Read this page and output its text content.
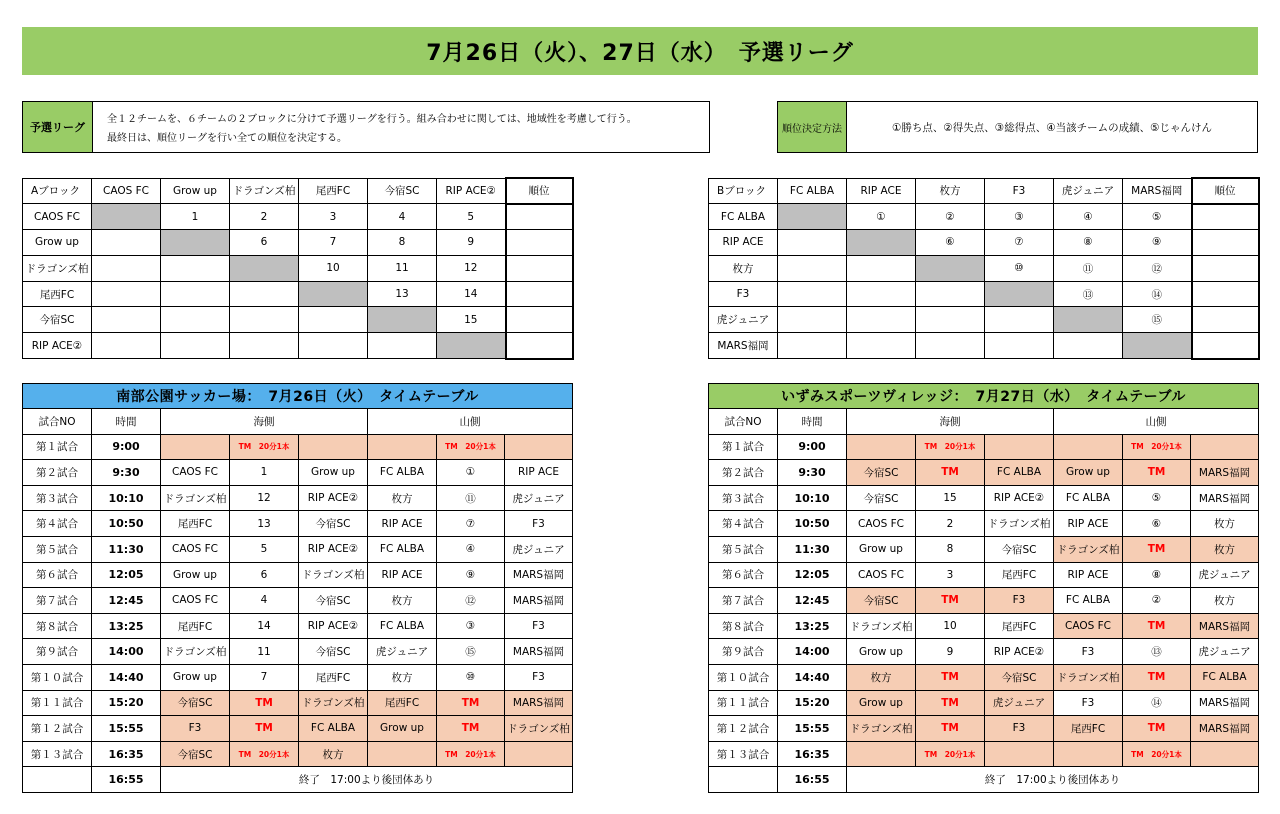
7月26日（火）、27日（水）　予選リーグ
予選リーグ
全１２チームを、６チームの２ブロックに分けて予選リーグを行う。組み合わせに関しては、地域性を考慮して行う。
最終日は、順位リーグを行い全ての順位を決定する。
順位決定方法	①勝ち点、②得失点、③総得点、④当該チームの成績、⑤じゃんけん
Aブロック	CAOS FC	Grow up	ドラゴンズ柏	尾西FC	今宿SC	RIP ACE②	順位
CAOS FC		1	2	3	4	5	
Grow up			6	7	8	9	
ドラゴンズ柏				10	11	12	
尾西FC					13	14	
今宿SC						15	
RIP ACE②							
Bブロック	FC ALBA	RIP ACE	枚方	F3	虎ジュニア	MARS福岡	順位
FC ALBA		①	②	③	④	⑤	
RIP ACE			⑥	⑦	⑧	⑨	
枚方				⑩	⑪	⑫	
F3					⑬	⑭	
虎ジュニア						⑮	
MARS福岡							
南部公園サッカー場：　7月26日（火）　タイムテーブル							
試合NO	時間	海側			山側		
第１試合	9:00		TM　20分1本			TM　20分1本	
第２試合	9:30	CAOS FC	1	Grow up	FC ALBA	①	RIP ACE
第３試合	10:10	ドラゴンズ柏	12	RIP ACE②	枚方	⑪	虎ジュニア
第４試合	10:50	尾西FC	13	今宿SC	RIP ACE	⑦	F3
第５試合	11:30	CAOS FC	5	RIP ACE②	FC ALBA	④	虎ジュニア
第６試合	12:05	Grow up	6	ドラゴンズ柏	RIP ACE	⑨	MARS福岡
第７試合	12:45	CAOS FC	4	今宿SC	枚方	⑫	MARS福岡
第８試合	13:25	尾西FC	14	RIP ACE②	FC ALBA	③	F3
第９試合	14:00	ドラゴンズ柏	11	今宿SC	虎ジュニア	⑮	MARS福岡
第１０試合	14:40	Grow up	7	尾西FC	枚方	⑩	F3
第１１試合	15:20	今宿SC	TM	ドラゴンズ柏	尾西FC	TM	MARS福岡
第１２試合	15:55	F3	TM	FC ALBA	Grow up	TM	ドラゴンズ柏
第１３試合	16:35	今宿SC	TM　20分1本	枚方		TM　20分1本	
	16:55	終了　17:00より後団体あり					
いずみスポーツヴィレッジ：　7月27日（水）　タイムテーブル							
試合NO	時間	海側			山側		
第１試合	9:00		TM　20分1本			TM　20分1本	
第２試合	9:30	今宿SC	TM	FC ALBA	Grow up	TM	MARS福岡
第３試合	10:10	今宿SC	15	RIP ACE②	FC ALBA	⑤	MARS福岡
第４試合	10:50	CAOS FC	2	ドラゴンズ柏	RIP ACE	⑥	枚方
第５試合	11:30	Grow up	8	今宿SC	ドラゴンズ柏	TM	枚方
第６試合	12:05	CAOS FC	3	尾西FC	RIP ACE	⑧	虎ジュニア
第７試合	12:45	今宿SC	TM	F3	FC ALBA	②	枚方
第８試合	13:25	ドラゴンズ柏	10	尾西FC	CAOS FC	TM	MARS福岡
第９試合	14:00	Grow up	9	RIP ACE②	F3	⑬	虎ジュニア
第１０試合	14:40	枚方	TM	今宿SC	ドラゴンズ柏	TM	FC ALBA
第１１試合	15:20	Grow up	TM	虎ジュニア	F3	⑭	MARS福岡
第１２試合	15:55	ドラゴンズ柏	TM	F3	尾西FC	TM	MARS福岡
第１３試合	16:35		TM　20分1本			TM　20分1本	
	16:55	終了　17:00より後団体あり					
